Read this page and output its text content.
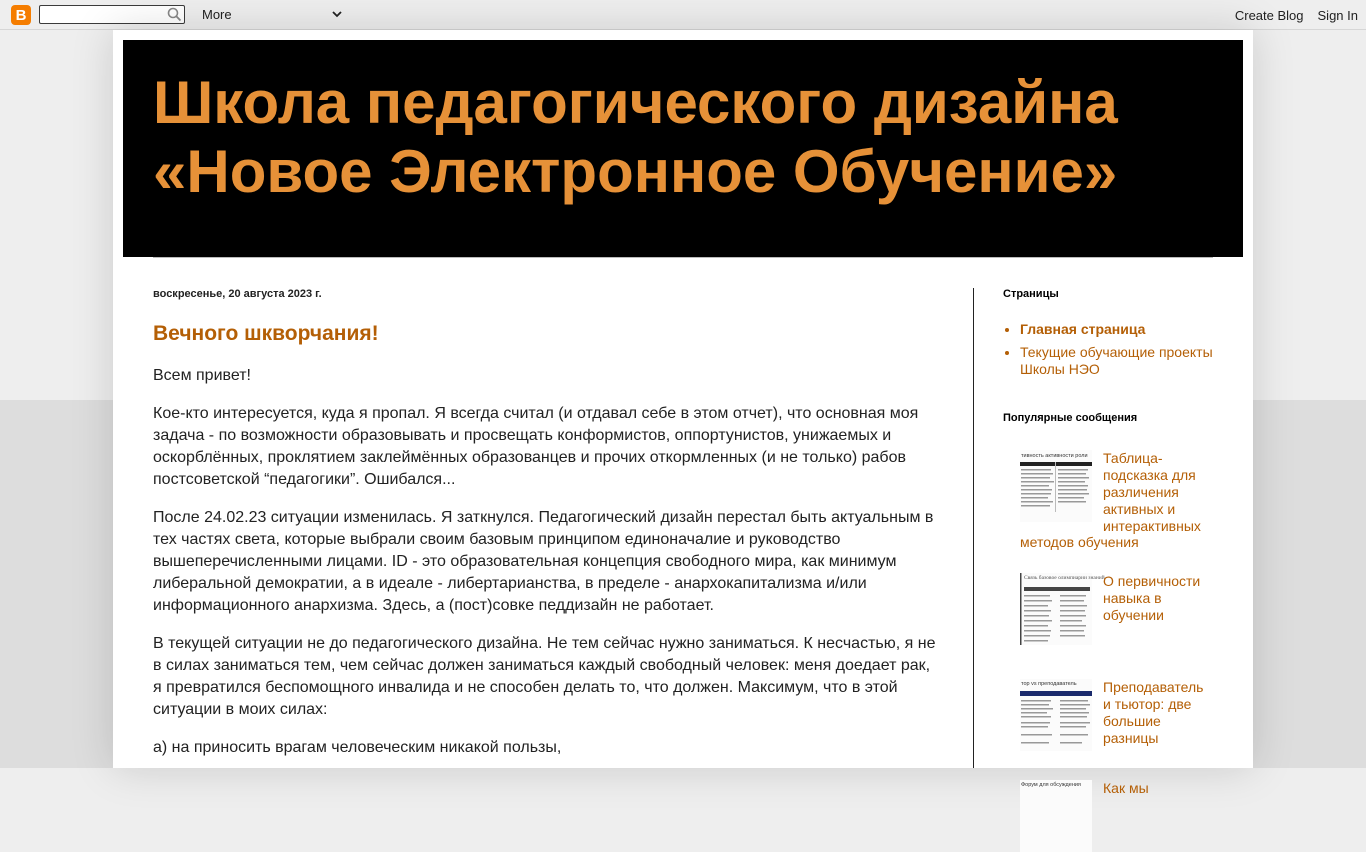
B	More	Create Blog Sign In
Школа педагогического дизайна
«Новое Электронное Обучение»
воскресенье, 20 августа 2023 г.
Вечного шкворчания!

Всем привет!

Кое-кто интересуется, куда я пропал. Я всегда считал (и отдавал себе в этом отчет), что основная моя задача - по возможности образовывать и просвещать конформистов, оппортунистов, унижаемых и оскорблённых, проклятием заклеймённых образованцев и прочих откормленных (и не только) рабов постсоветской “педагогики”. Ошибался...

После 24.02.23 ситуации изменилась. Я заткнулся. Педагогический дизайн перестал быть актуальным в тех частях света, которые выбрали своим базовым принципом единоначалие и руководство вышеперечисленными лицами. ID - это образовательная концепция свободного мира, как минимум либеральной демократии, а в идеале - либертарианства, в пределе - анархокапитализма и/или информационного анархизма. Здесь, а (пост)совке педдизайн не работает.

В текущей ситуации не до педагогического дизайна. Не тем сейчас нужно заниматься. К несчастью, я не в силах заниматься тем, чем сейчас должен заниматься каждый свободный человек: меня доедает рак, я превратился беспомощного инвалида и не способен делать то, что должен. Максимум, что в этой ситуации в моих силах:

а) на приносить врагам человеческим никакой пользы,

Страницы
• Главная страница
• Текущие обучающие проекты Школы НЭО
Популярные сообщения
тивность активности роли Таблица-подсказка для различения активных и интерактивных
методов обучения
Связь базовое олимпиарии знаний
О первичности навыка в обучении
тор vs преподаватель Преподаватель и тьютор: две большие разницы
Форум для обсуждения Как мы
